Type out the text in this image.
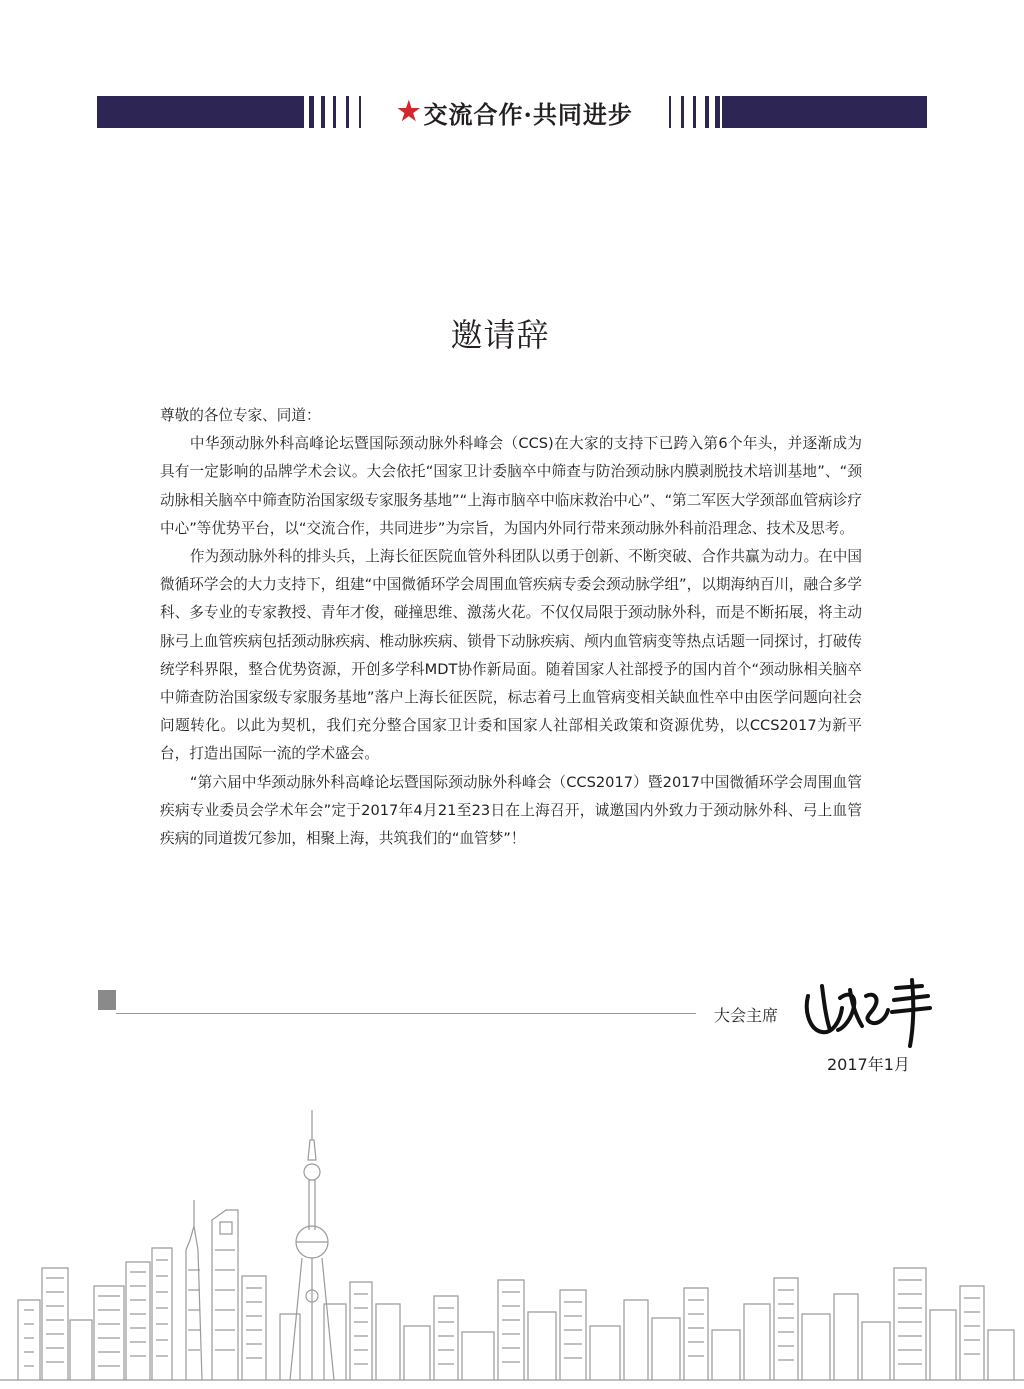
★ 交流合作·共同进步
邀请辞

尊敬的各位专家、同道：

中华颈动脉外科高峰论坛暨国际颈动脉外科峰会（CCS)在大家的支持下已跨入第6个年头，并逐渐成为具有一定影响的品牌学术会议。大会依托“国家卫计委脑卒中筛查与防治颈动脉内膜剥脱技术培训基地”、“颈动脉相关脑卒中筛查防治国家级专家服务基地”“上海市脑卒中临床救治中心”、“第二军医大学颈部血管病诊疗中心”等优势平台，以“交流合作，共同进步”为宗旨，为国内外同行带来颈动脉外科前沿理念、技术及思考。

作为颈动脉外科的排头兵，上海长征医院血管外科团队以勇于创新、不断突破、合作共赢为动力。在中国微循环学会的大力支持下，组建“中国微循环学会周围血管疾病专委会颈动脉学组”，以期海纳百川，融合多学科、多专业的专家教授、青年才俊，碰撞思维、激荡火花。不仅仅局限于颈动脉外科，而是不断拓展，将主动脉弓上血管疾病包括颈动脉疾病、椎动脉疾病、锁骨下动脉疾病、颅内血管病变等热点话题一同探讨，打破传统学科界限，整合优势资源，开创多学科MDT协作新局面。随着国家人社部授予的国内首个“颈动脉相关脑卒中筛查防治国家级专家服务基地”落户上海长征医院，标志着弓上血管病变相关缺血性卒中由医学问题向社会问题转化。以此为契机，我们充分整合国家卫计委和国家人社部相关政策和资源优势，以CCS2017为新平台，打造出国际一流的学术盛会。

“第六届中华颈动脉外科高峰论坛暨国际颈动脉外科峰会（CCS2017）暨2017中国微循环学会周围血管疾病专业委员会学术年会”定于2017年4月21至23日在上海召开，诚邀国内外致力于颈动脉外科、弓上血管疾病的同道拨冗参加，相聚上海，共筑我们的“血管梦”！

大会主席
2017年1月
